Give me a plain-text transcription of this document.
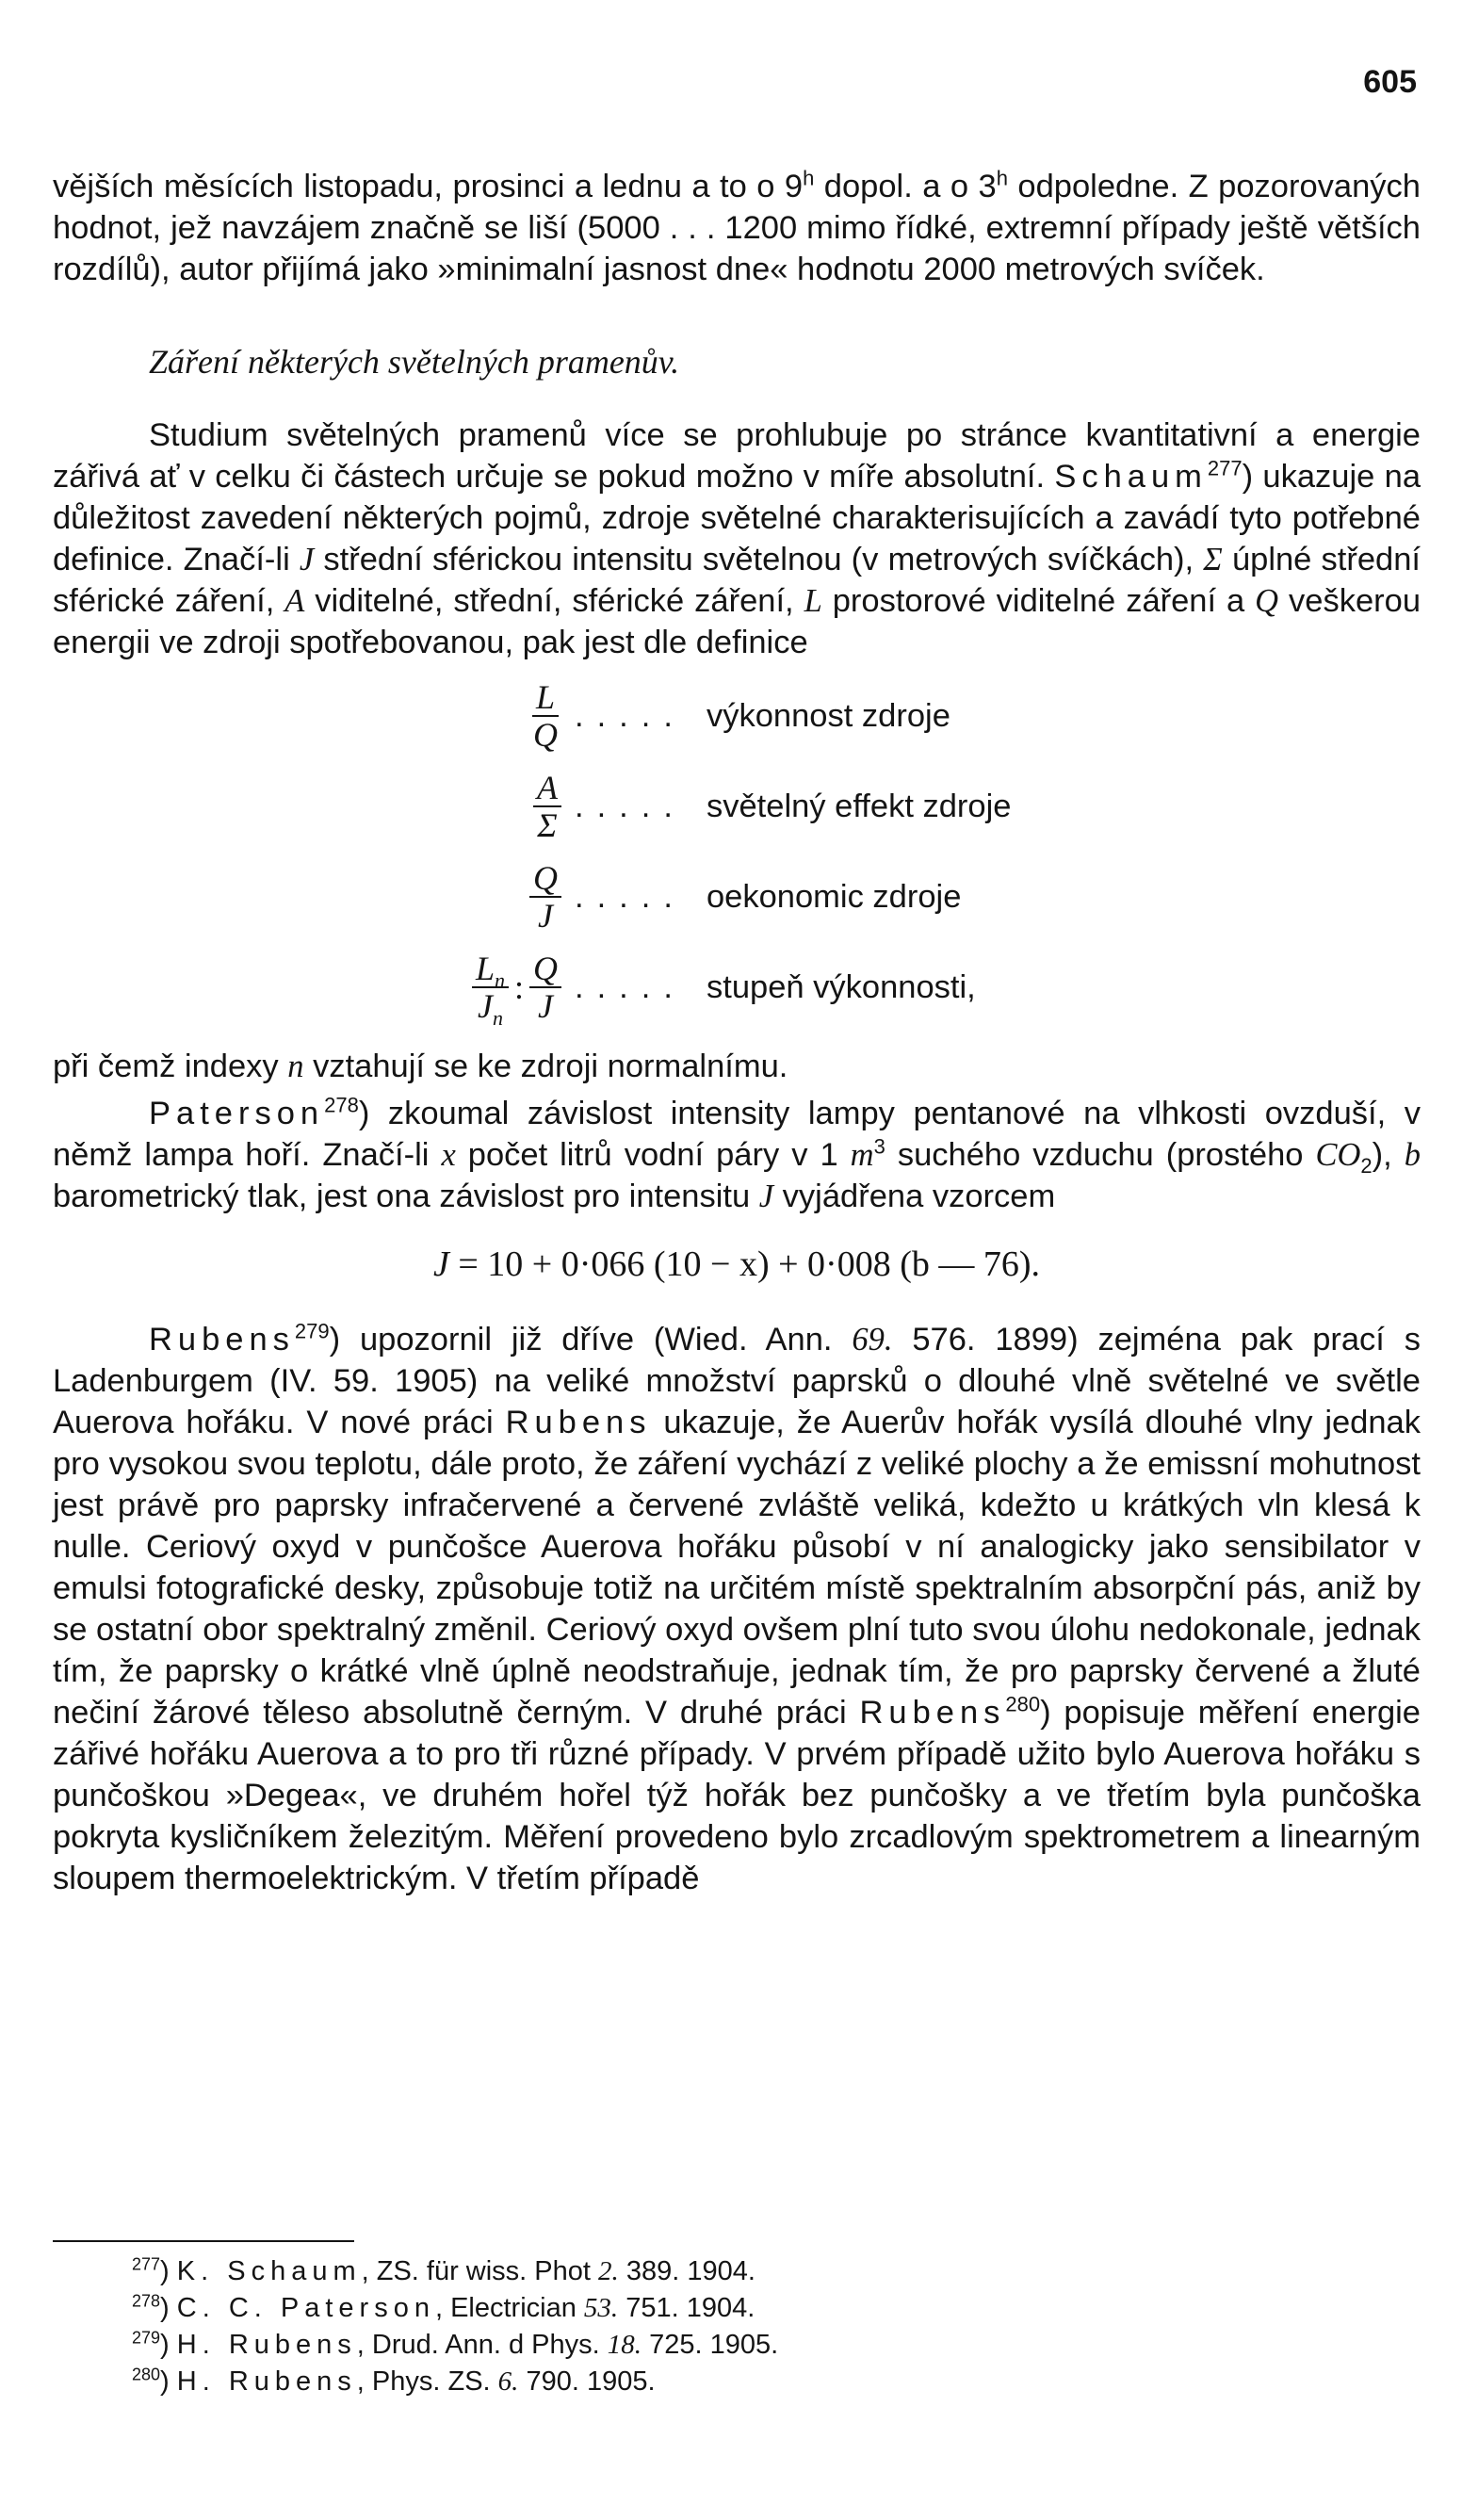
605

vějších měsících listopadu, prosinci a lednu a to o 9$^h$ dopol. a o 3$^h$ odpoledne. Z pozorovaných hodnot, jež navzájem značně se liší (5000 . . . 1200 mimo řídké, extremní případy ještě větších rozdílů), autor přijímá jako »minimalní jasnost dne« hodnotu 2000 metrových svíček.

Záření některých světelných pramenův.

Studium světelných pramenů více se prohlubuje po stránce kvantitativní a energie zářivá ať v celku či částech určuje se pokud možno v míře absolutní. Schaum$^{277}$) ukazuje na důležitost zavedení některých pojmů, zdroje světelné charakterisujících a zavádí tyto potřebné definice. Značí-li J střední sférickou intensitu světelnou (v metrových svíčkách), Σ úplné střední sférické záření, A viditelné, střední, sférické záření, L prostorové viditelné záření a Q veškerou energii ve zdroji spotřebovanou, pak jest dle definice

$\frac{L}{Q}$ ..... výkonnost zdroje
$\frac{A}{\Sigma}$ ..... světelný effekt zdroje
$\frac{Q}{J}$ ..... oekonomic zdroje
$\frac{L_n}{J_n}$ : $\frac{Q}{J}$ ..... stupeň výkonnosti,

při čemž indexy n vztahují se ke zdroji normalnímu.

Paterson$^{278}$) zkoumal závislost intensity lampy pentanové na vlhkosti ovzduší, v němž lampa hoří. Značí-li x počet litrů vodní páry v 1 $m^3$ suchého vzduchu (prostého $CO_2$), b barometrický tlak, jest ona závislost pro intensitu J vyjádřena vzorcem

J = 10 + 0·066 (10 − x) + 0·008 (b — 76).

Rubens$^{279}$) upozornil již dříve (Wied. Ann. 69. 576. 1899) zejména pak prací s Ladenburgem (IV. 59. 1905) na veliké množství paprsků o dlouhé vlně světelné ve světle Auerova hořáku. V nové práci Rubens ukazuje, že Auerův hořák vysílá dlouhé vlny jednak pro vysokou svou teplotu, dále proto, že záření vychází z veliké plochy a že emissní mohutnost jest právě pro paprsky infračervené a červené zvláště veliká, kdežto u krátkých vln klesá k nulle. Ceriový oxyd v punčošce Auerova hořáku působí v ní analogicky jako sensibilator v emulsi fotografické desky, způsobuje totiž na určitém místě spektralním absorpční pás, aniž by se ostatní obor spektralný změnil. Ceriový oxyd ovšem plní tuto svou úlohu nedokonale, jednak tím, že paprsky o krátké vlně úplně neodstraňuje, jednak tím, že pro paprsky červené a žluté nečiní žárové těleso absolutně černým. V druhé práci Rubens$^{280}$) popisuje měření energie zářivé hořáku Auerova a to pro tři různé případy. V prvém případě užito bylo Auerova hořáku s punčoškou »Degea«, ve druhém hořel týž hořák bez punčošky a ve třetím byla punčoška pokryta kysličníkem železitým. Měření provedeno bylo zrcadlovým spektrometrem a linearným sloupem thermoelektrickým. V třetím případě

$^{277}$) K. Schaum, ZS. für wiss. Phot 2. 389. 1904.
$^{278}$) C. C. Paterson, Electrician 53. 751. 1904.
$^{279}$) H. Rubens, Drud. Ann. d Phys. 18. 725. 1905.
$^{280}$) H. Rubens, Phys. ZS. 6. 790. 1905.
